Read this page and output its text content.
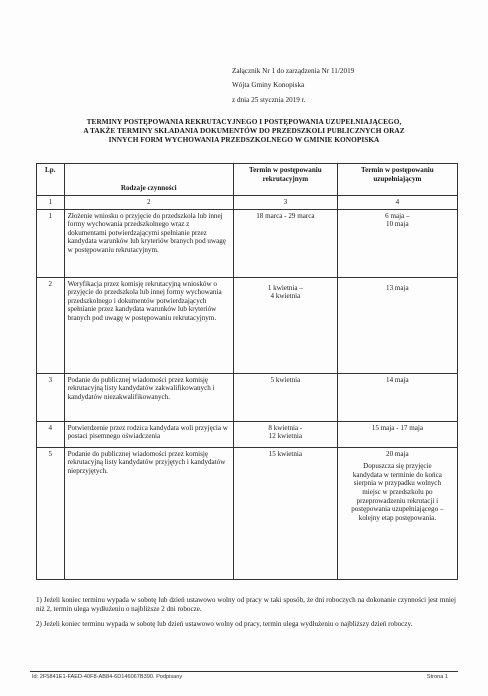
Załącznik Nr 1 do zarządzenia Nr 11/2019
Wójta Gminy Konopiska
z dnia 25 stycznia 2019 r.
TERMINY POSTĘPOWANIA REKRUTACYJNEGO I POSTĘPOWANIA UZUPEŁNIAJĄCEGO,
A TAKŻE TERMINY SKŁADANIA DOKUMENTÓW DO PRZEDSZKOLI PUBLICZNYCH ORAZ
INNYCH FORM WYCHOWANIA PRZEDSZKOLNEGO W GMINIE KONOPISKA
Lp.	Rodzaje czynności	Termin w postępowaniu rekrutacyjnym	Termin w postępowaniu uzupełniającym
1	2	3	4
1	Złożenie wniosku o przyjęcie do przedszkola lub innej formy wychowania przedszkolnego wraz z dokumentami potwierdzającymi spełnianie przez kandydata warunków lub kryteriów branych pod uwagę w postępowaniu rekrutacyjnym.	18 marca - 29 marca	6 maja –
10 maja

2	Weryfikacja przez komisję rekrutacyjną wniosków o przyjęcie do przedszkola lub innej formy wychowania przedszkolnego i dokumentów potwierdzających spełnianie przez kandydata warunków lub kryteriów branych pod uwagę w postępowaniu rekrutacyjnym.	1 kwietnia –
4 kwietnia	13 maja
3	Podanie do publicznej wiadomości przez komisję rekrutacyjną listy kandydatów zakwalifikowanych i kandydatów niezakwalifikowanych.	5 kwietnia	14 maja
4	Potwierdzenie przez rodzica kandydata woli przyjęcia w postaci pisemnego oświadczenia	8 kwietnia -
12 kwietnia	15 maja - 17 maja
5	Podanie do publicznej wiadomości przez komisję rekrutacyjną listy kandydatów przyjętych i kandydatów nieprzyjętych.	15 kwietnia	20 maja
Dopuszcza się przyjęcie kandydata w terminie do końca sierpnia w przypadku wolnych miejsc w przedszkolu po przeprowadzeniu rekrutacji i postępowania uzupełniającego – kolejny etap postępowania.
1) Jeżeli koniec terminu wypada w sobotę lub dzień ustawowo wolny od pracy w taki sposób, że dni roboczych na dokonanie czynności jest mniej niż 2, termin ulega wydłużeniu o najbliższe 2 dni robocze.
2) Jeżeli koniec terminu wypada w sobotę lub dzień ustawowo wolny od pracy, termin ulega wydłużeniu o najbliższy dzień roboczy.
Id: 2F5841E1-FAED-40F8-AB84-6D146067B390. Podpisany	Strona 1
